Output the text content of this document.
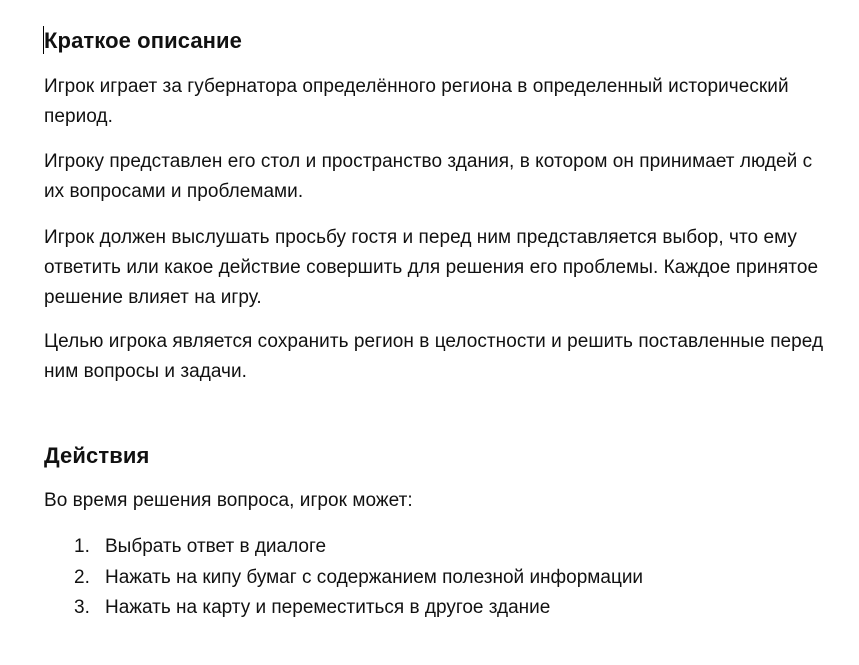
Краткое описание

Игрок играет за губернатора определённого региона в определенный исторический период.

Игроку представлен его стол и пространство здания, в котором он принимает людей с их вопросами и проблемами.

Игрок должен выслушать просьбу гостя и перед ним представляется выбор, что ему ответить или какое действие совершить для решения его проблемы. Каждое принятое решение влияет на игру.

Целью игрока является сохранить регион в целостности и решить поставленные перед ним вопросы и задачи.

Действия

Во время решения вопроса, игрок может:

1. Выбрать ответ в диалоге
2. Нажать на кипу бумаг с содержанием полезной информации
3. Нажать на карту и переместиться в другое здание
